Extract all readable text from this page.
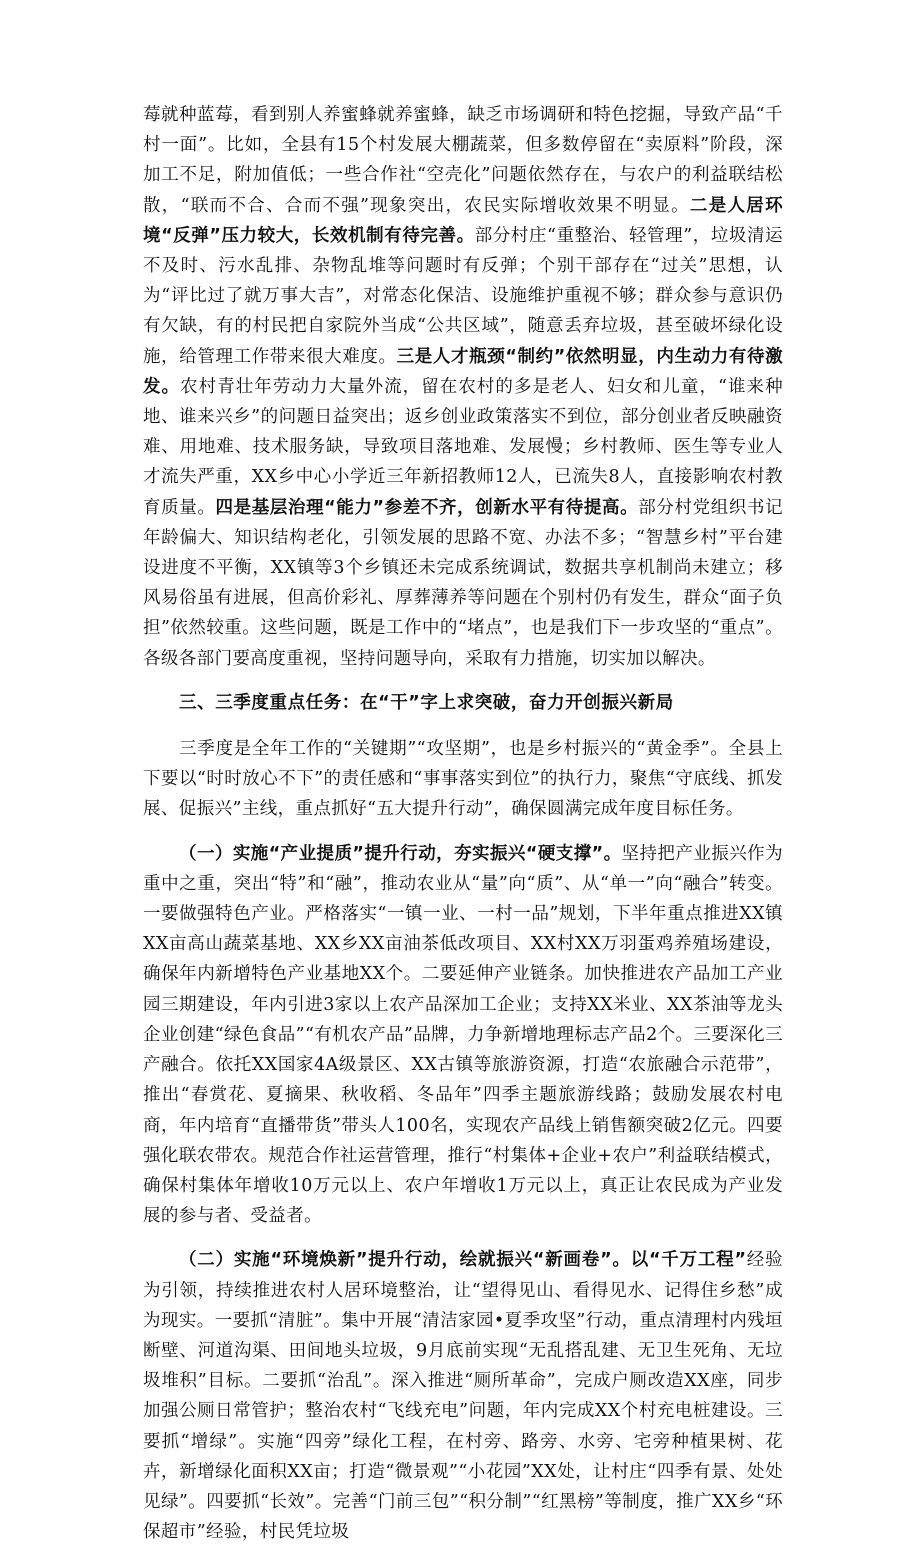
莓就种蓝莓，看到别人养蜜蜂就养蜜蜂，缺乏市场调研和特色挖掘，导致产品“千村一面”。比如，全县有15个村发展大棚蔬菜，但多数停留在“卖原料”阶段，深加工不足，附加值低；一些合作社“空壳化”问题依然存在，与农户的利益联结松散，“联而不合、合而不强”现象突出，农民实际增收效果不明显。二是人居环境“反弹”压力较大，长效机制有待完善。部分村庄“重整治、轻管理”，垃圾清运不及时、污水乱排、杂物乱堆等问题时有反弹；个别干部存在“过关”思想，认为“评比过了就万事大吉”，对常态化保洁、设施维护重视不够；群众参与意识仍有欠缺，有的村民把自家院外当成“公共区域”，随意丢弃垃圾，甚至破坏绿化设施，给管理工作带来很大难度。三是人才瓶颈“制约”依然明显，内生动力有待激发。农村青壮年劳动力大量外流，留在农村的多是老人、妇女和儿童，“谁来种地、谁来兴乡”的问题日益突出；返乡创业政策落实不到位，部分创业者反映融资难、用地难、技术服务缺，导致项目落地难、发展慢；乡村教师、医生等专业人才流失严重，XX乡中心小学近三年新招教师12人，已流失8人，直接影响农村教育质量。四是基层治理“能力”参差不齐，创新水平有待提高。部分村党组织书记年龄偏大、知识结构老化，引领发展的思路不宽、办法不多；“智慧乡村”平台建设进度不平衡，XX镇等3个乡镇还未完成系统调试，数据共享机制尚未建立；移风易俗虽有进展，但高价彩礼、厚葬薄养等问题在个别村仍有发生，群众“面子负担”依然较重。这些问题，既是工作中的“堵点”，也是我们下一步攻坚的“重点”。各级各部门要高度重视，坚持问题导向，采取有力措施，切实加以解决。

三、三季度重点任务：在“干”字上求突破，奋力开创振兴新局

三季度是全年工作的“关键期”“攻坚期”，也是乡村振兴的“黄金季”。全县上下要以“时时放心不下”的责任感和“事事落实到位”的执行力，聚焦“守底线、抓发展、促振兴”主线，重点抓好“五大提升行动”，确保圆满完成年度目标任务。

（一）实施“产业提质”提升行动，夯实振兴“硬支撑”。坚持把产业振兴作为重中之重，突出“特”和“融”，推动农业从“量”向“质”、从“单一”向“融合”转变。一要做强特色产业。严格落实“一镇一业、一村一品”规划，下半年重点推进XX镇XX亩高山蔬菜基地、XX乡XX亩油茶低改项目、XX村XX万羽蛋鸡养殖场建设，确保年内新增特色产业基地XX个。二要延伸产业链条。加快推进农产品加工产业园三期建设，年内引进3家以上农产品深加工企业；支持XX米业、XX茶油等龙头企业创建“绿色食品”“有机农产品”品牌，力争新增地理标志产品2个。三要深化三产融合。依托XX国家4A级景区、XX古镇等旅游资源，打造“农旅融合示范带”，推出“春赏花、夏摘果、秋收稻、冬品年”四季主题旅游线路；鼓励发展农村电商，年内培育“直播带货”带头人100名，实现农产品线上销售额突破2亿元。四要强化联农带农。规范合作社运营管理，推行“村集体+企业+农户”利益联结模式，确保村集体年增收10万元以上、农户年增收1万元以上，真正让农民成为产业发展的参与者、受益者。

（二）实施“环境焕新”提升行动，绘就振兴“新画卷”。以“千万工程”经验为引领，持续推进农村人居环境整治，让“望得见山、看得见水、记得住乡愁”成为现实。一要抓“清脏”。集中开展“清洁家园•夏季攻坚”行动，重点清理村内残垣断壁、河道沟渠、田间地头垃圾，9月底前实现“无乱搭乱建、无卫生死角、无垃圾堆积”目标。二要抓“治乱”。深入推进“厕所革命”，完成户厕改造XX座，同步加强公厕日常管护；整治农村“飞线充电”问题，年内完成XX个村充电桩建设。三要抓“增绿”。实施“四旁”绿化工程，在村旁、路旁、水旁、宅旁种植果树、花卉，新增绿化面积XX亩；打造“微景观”“小花园”XX处，让村庄“四季有景、处处见绿”。四要抓“长效”。完善“门前三包”“积分制”“红黑榜”等制度，推广XX乡“环保超市”经验，村民凭垃圾
